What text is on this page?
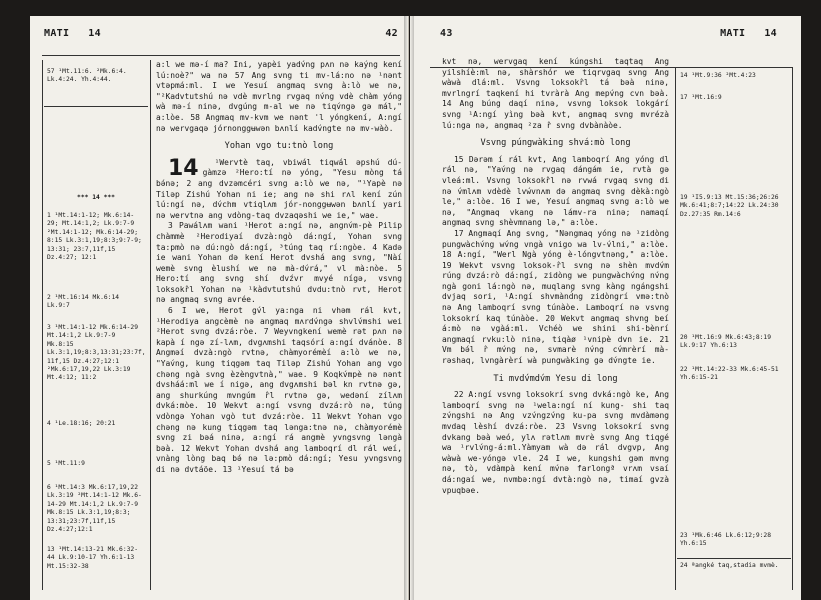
MATI 14	42
57 ¹Mt.11:6. ²Mk.6:4. Lk.4:24. Yh.4:44.
*** 14 ***
1 ¹Mt.14:1-12; Mk.6:14-29; Mt.14:1,2; Lk.9:7-9 ²Mt.14:1-12; Mk.6:14-29; 8:15 Lk.3:1,19;8:3;9:7-9; 13:31; 23:7,11f,15 Dz.4:27; 12:1
2 ¹Mt.16:14 Mk.6:14 Lk.9:7
3 ¹Mt.14:1-12 Mk.6:14-29 Mt.14:1,2 Lk.9:7-9 Mk.8:15 Lk.3:1,19;8:3,13:31;23:7f, 11f,15 Dz.4:27;12:1 ²Mk.6:17,19,22 Lk.3:19 Mt.4:12; 11:2
4 ¹Le.18:16; 20:21
5 ¹Mt.11:9
6 ¹Mt.14:3 Mk.6:17,19,22 Lk.3:19 ²Mt.14:1-12 Mk.6-14-29 Mt.14:1,2 Lk.9:7-9 Mk.8:15 Lk.3:1,19;8:3; 13:31;23:7f,11f,15 Dz.4:27;12:1
13 ¹Mt.14:13-21 Mk.6:32-44 Lk.9:10-17 Yh.6:1-13 Mt.15:32-38

a:l we mə-í ma? Ini, yapèi yadv́ng pʌn nə kaýng kení lú:noè?" wa nə 57 Ang svng ti mv-lá:no nə ¹nənt vtəpmá:ml. I we Yesuí angmaq svng à:lò we nə, "²Kadvtutshú nə vdè mvrlng rvgaq nv́ng vdè chàm yóng wà mə-í ninə, dvgúng m-al we nə tiqv́ngə gə mál," a:lòe. 58 Angmaq mv-kvm we nənt ʾl yóngkení, A:ngí nə wervgaqə jórnonggʉwən bʌnlí kadv́ngte nə mv-wàò.

Yohan vgo tu:tnò long

14 ¹Wervtè taq, vbiwál tiqwál əpshú dú-gàmzə ²Hero:tí nə yóng, "Yesu mòng tá bə́nə; 2 ang dvzəmcéri svng a:lò we nə, "¹Yapè nə Tiləp Zishú Yohan ni ie; ang nə shi rʌl kení zún lú:ngí nə, dv́chm vtiqlʌm jór-nonggʉwən bʌnlí yari nə wervtnə ang vdòng-taq dvzaqəshi we ie," wae.

3 Pawálʌm wani ¹Herot a:ngí nə, angnv́m-pè Pilip chàmmè ²Herodiyaí dvzà:ngò dá:ngí, Yohan svng ta:pmò nə dú:ngò dá:ngí, ³túng taq rí:ngòe. 4 Kadə ie wani Yohan də kení Herot dvshá ang svng, "Nàí wemè svng èlushí we nə mà-dv́rá," vl mà:nòe. 5 Hero:tí ang svng shí dvźvr mvyé nígə, vsvng loksokr̂l Yohan nə ¹kàdvtutshú dvdu:tnò rvt, Herot nə angmaq svng avrée.

6 I we, Herot gv́l ya:nga ni vhəm rál kvt, ¹Herodiya angcèmè nə angmaq mʌrdv́ngə shvlv́mshi wei ²Herot svng dvzá:ròe. 7 Weyvngkení wemè rət pʌn nə kapà í ngə zí-lʌm, dvgʌmshi taqsórí a:ngí dvánòe. 8 Angməí dvzà:ngò rvtnə, chàmyorémèí a:lò we nə, "Yav́ng, kung tiqgəm taq Tiləp Zishú Yohan ang vgo chəng ngà svng èzèngvtnà," wae. 9 Koqkv́mpè nə nənt dvsháá:ml we í nigə, ang dvgʌmshi bəl kn rvtnə gə, ang shurkúng mvngúm r̂l rvtnə gə, wedəní zílʌm dvká:mòe. 10 Wekvt a:ngí vsvng dvzá:rò nə, túng vdòngə Yohan vgò tut dvzá:ròe. 11 Wekvt Yohan vgo chəng nə kung tiqgəm taq lənga:tnə nə, chàmyorémè svng zi bəá ninə, a:ngí rá angmè yvngsvng ləngà bəà. 12 Wekvt Yohan dvshá ang lamboqrí dl rál weí, vnàng lòng baq bə́ nə lə:pmò dá:ngí; Yesu yvngsvng di nə dvtáöe. 13 ¹Yesuí tá bə

43	MATI 14

kvt nə, wervgaq kení kúngshi taqtaq Ang yilshíè:ml nə, shàrshór we tiqrvgaq svng Ang wàwà dlá:ml. Vsvng loksokr̂l tá bəà ninə, mvrlngrí taqkení hi tvràrà Ang mepv́ng cvn bəà. 14 Ang búng daqí ninə, vsvng loksok lokgárí svng ¹A:ngí yìng bəà kvt, angmaq svng mvrézà lú:nga nə, angmaq ²za r̂ svng dvbànàòe.

Vsvng púngwàking shvá:mò long

15 Dərəm í rál kvt, Ang lamboqrí Ang yóng dl rál nə, "Yav́ng nə rvgaq dángám ie, rvtà gə vleá:ml. Vsvng loksokr̂l nə rvwá rvgaq svng di nə v́mlʌm vdèdè lvẃvnʌm də angmaq svng dèkà:ngò le," a:lòe. 16 I we, Yesuí angmaq svng a:lò we nə, "Angmaq vkang nə lámv-ra ninə; namaqí angmaq svng shèvmnang lə," a:lòe.

17 Angmaqí Ang svng, "Nəngmaq yóng nə ¹zidòng pungwàchv́ng wv́ng vngà vnigo wa lv-v́lni," a:lòe. 18 A:ngí, "Werl Ngà yóng è-lóngvtnəng," a:lòe. 19 Wekvt vsvng loksok-r̂l svng nə shèn mvdv́m rúng dvzá:rò dá:ngí, zidòng we pungwàchv́ng nv́ng ngà goni lá:ngò nə, muqlang svng kàng ngángshi dvjaq sori, ¹A:ngí shvmànd́ng zidòngrí vmə:tnò nə Ang lamboqrí svng túnàòe. Lamboqrí nə vsvng loksokrí kaq túnàòe. 20 Wekvt angmaq shvng beí á:mò nə vgàá:ml. Vchéò we shini shi-bènrí angmaqí rvku:lò ninə, tiqàø ¹vnipè dvn ie. 21 Vm bə́l r̂ mv́ng nə, svmarè nv́ng cv́mrèrí mà-rəshaq, lvngàrèrí wà pungwàking gə dv́ngte ie.

Ti mvdv́mdv́m Yesu di long

22 A:ngí vsvng loksokrí svng dvká:ngò ke, Ang lamboqrí svng nə ¹wela:ngí ní kung- shi taq zv́ngshi nə Ang vzv́ngzv́ng ku-pa svng mvdàməng mvdaq lèshí dvzá:ròe. 23 Vsvng loksokrí svng dvkang bəà weó, ylʌ rətlʌm mvrè svng Ang tiqgé wa ¹rvlv́ng-á:ml.Yàmyam wà də rál dvgvp, Ang wàwà we-yóngə vle. 24 I we, kungshi gəm mvng nə, tò, vdàmpà kení mv́nə farlongª vrʌm vsaí dá:ngaí we, nvmbə:ngí dvtà:ngò nə, timaí gvzà vpuqbəe.

14 ¹Mt.9:36 ²Mt.4:23
17 ¹Mt.16:9
19 ¹I5.9:13 Mt.15:36;26:26 Mk.6:41;8:7;14:22 Lk.24:30 Dz.27:35 Rm.14:6
20 ¹Mt.16:9 Mk.6:43;8:19 Lk.9:17 Yh.6:13
22 ¹Mt.14:22-33 Mk.6:45-51 Yh.6:15-21
23 ¹Mk.6:46 Lk.6:12;9:28 Yh.6:15
24 ªangké taq,stadia mvmè.
